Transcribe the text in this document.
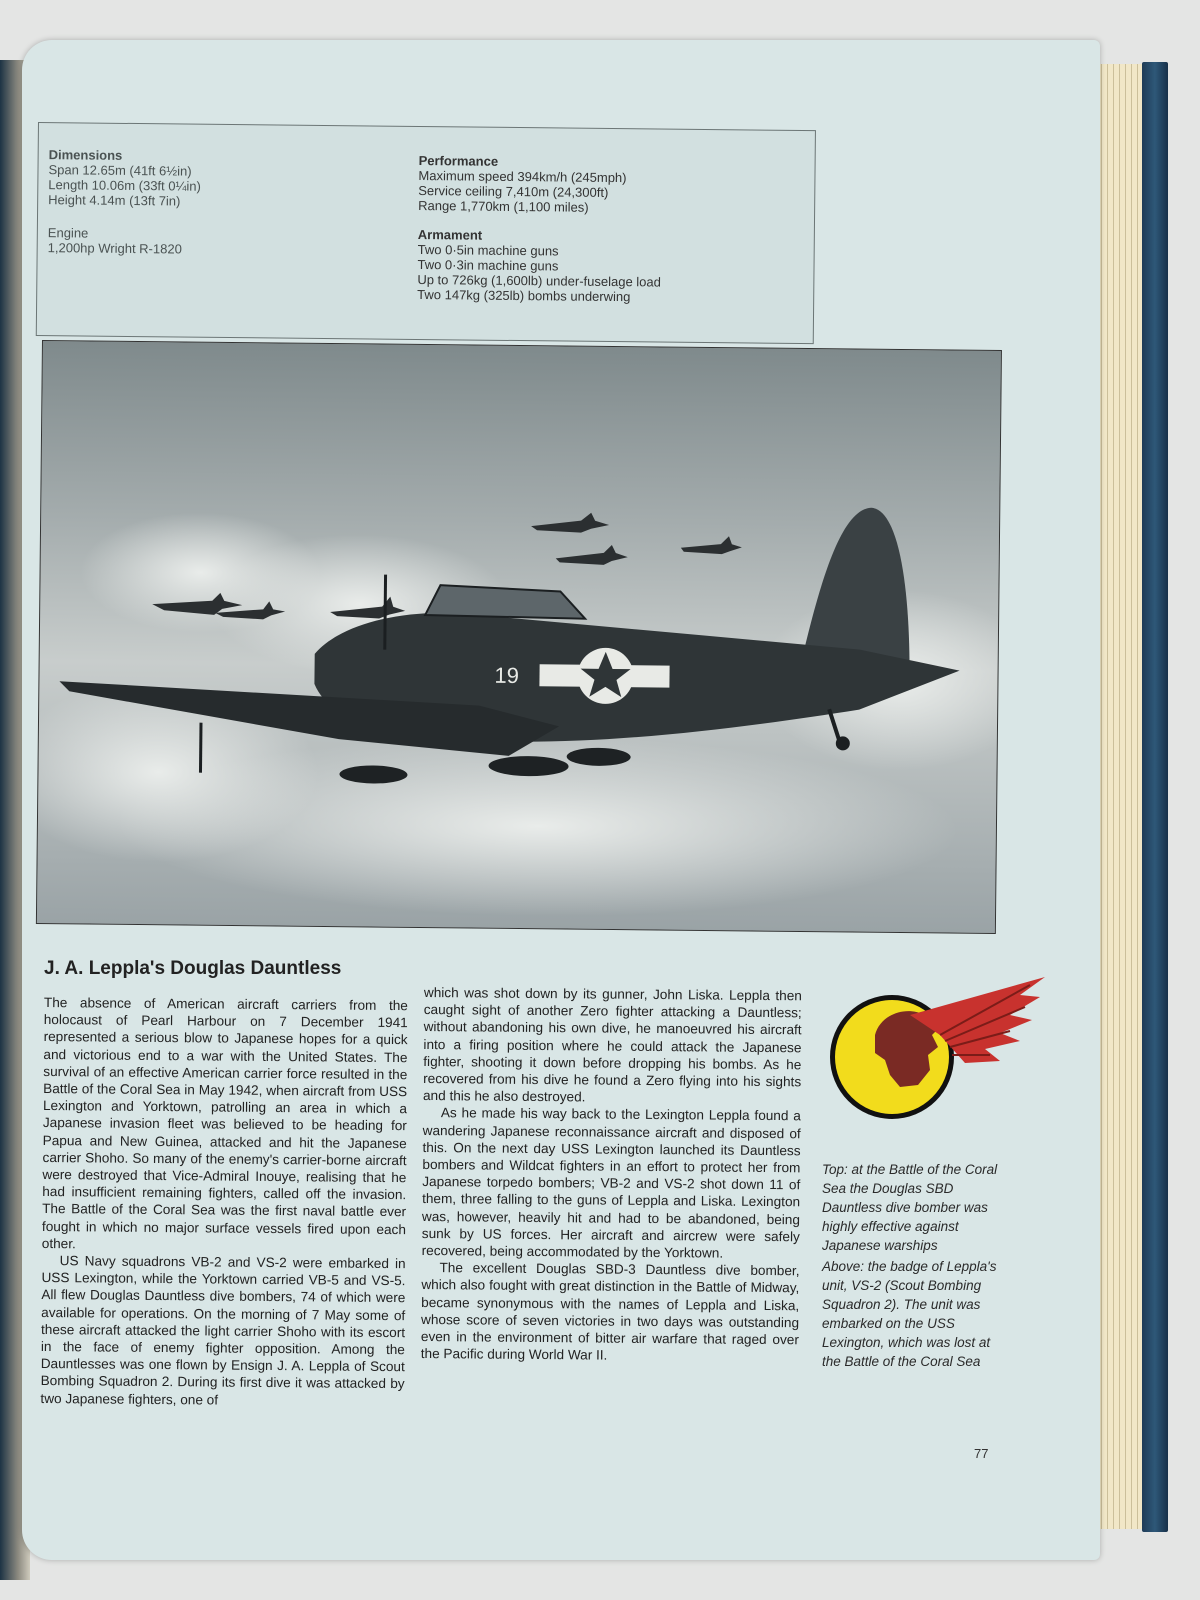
Dimensions
Span 12.65m (41ft 6½in)
Length 10.06m (33ft 0¼in)
Height 4.14m (13ft 7in)
Engine
1,200hp Wright R-1820
Performance
Maximum speed 394km/h (245mph)
Service ceiling 7,410m (24,300ft)
Range 1,770km (1,100 miles)
Armament
Two 0·5in machine guns
Two 0·3in machine guns
Up to 726kg (1,600lb) under-fuselage load
Two 147kg (325lb) bombs underwing
19
J. A. Leppla's Douglas Dauntless

The absence of American aircraft carriers from the holocaust of Pearl Harbour on 7 December 1941 represented a serious blow to Japanese hopes for a quick and victorious end to a war with the United States. The survival of an effective American carrier force resulted in the Battle of the Coral Sea in May 1942, when aircraft from USS Lexington and Yorktown, patrolling an area in which a Japanese invasion fleet was believed to be heading for Papua and New Guinea, attacked and hit the Japanese carrier Shoho. So many of the enemy's carrier-borne aircraft were destroyed that Vice-Admiral Inouye, realising that he had insufficient remaining fighters, called off the invasion. The Battle of the Coral Sea was the first naval battle ever fought in which no major surface vessels fired upon each other.

US Navy squadrons VB-2 and VS-2 were embarked in USS Lexington, while the Yorktown carried VB-5 and VS-5. All flew Douglas Dauntless dive bombers, 74 of which were available for operations. On the morning of 7 May some of these aircraft attacked the light carrier Shoho with its escort in the face of enemy fighter opposition. Among the Dauntlesses was one flown by Ensign J. A. Leppla of Scout Bombing Squadron 2. During its first dive it was attacked by two Japanese fighters, one of

which was shot down by its gunner, John Liska. Leppla then caught sight of another Zero fighter attacking a Dauntless; without abandoning his own dive, he manoeuvred his aircraft into a firing position where he could attack the Japanese fighter, shooting it down before dropping his bombs. As he recovered from his dive he found a Zero flying into his sights and this he also destroyed.

As he made his way back to the Lexington Leppla found a wandering Japanese reconnaissance aircraft and disposed of this. On the next day USS Lexington launched its Dauntless bombers and Wildcat fighters in an effort to protect her from Japanese torpedo bombers; VB-2 and VS-2 shot down 11 of them, three falling to the guns of Leppla and Liska. Lexington was, however, heavily hit and had to be abandoned, being sunk by US forces. Her aircraft and aircrew were safely recovered, being accommodated by the Yorktown.

The excellent Douglas SBD-3 Dauntless dive bomber, which also fought with great distinction in the Battle of Midway, became synonymous with the names of Leppla and Liska, whose score of seven victories in two days was outstanding even in the environment of bitter air warfare that raged over the Pacific during World War II.

Top: at the Battle of the Coral Sea the Douglas SBD Dauntless dive bomber was highly effective against Japanese warships

Above: the badge of Leppla's unit, VS-2 (Scout Bombing Squadron 2). The unit was embarked on the USS Lexington, which was lost at the Battle of the Coral Sea

77
